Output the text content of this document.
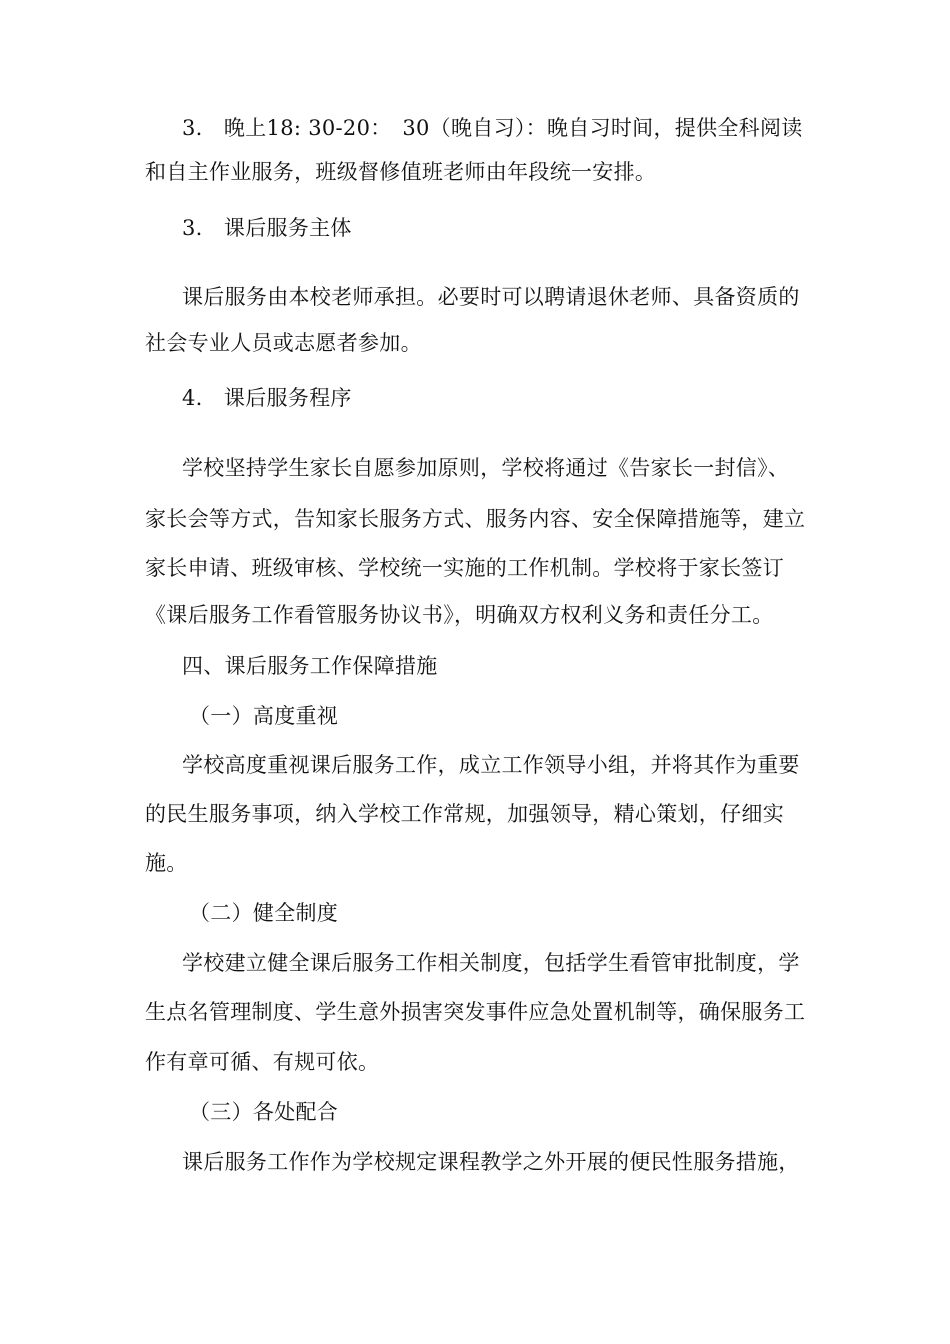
3.　晚上18: 30-20：　30（晚自习）：晚自习时间，提供全科阅读
和自主作业服务，班级督修值班老师由年段统一安排。
3.　课后服务主体
课后服务由本校老师承担。必要时可以聘请退休老师、具备资质的
社会专业人员或志愿者参加。
4.　课后服务程序
学校坚持学生家长自愿参加原则，学校将通过《告家长一封信》、
家长会等方式，告知家长服务方式、服务内容、安全保障措施等，建立
家长申请、班级审核、学校统一实施的工作机制。学校将于家长签订
《课后服务工作看管服务协议书》，明确双方权利义务和责任分工。
四、课后服务工作保障措施
（一）高度重视
学校高度重视课后服务工作，成立工作领导小组，并将其作为重要
的民生服务事项，纳入学校工作常规，加强领导，精心策划，仔细实
施。
（二）健全制度
学校建立健全课后服务工作相关制度，包括学生看管审批制度，学
生点名管理制度、学生意外损害突发事件应急处置机制等，确保服务工
作有章可循、有规可依。
（三）各处配合
课后服务工作作为学校规定课程教学之外开展的便民性服务措施，
